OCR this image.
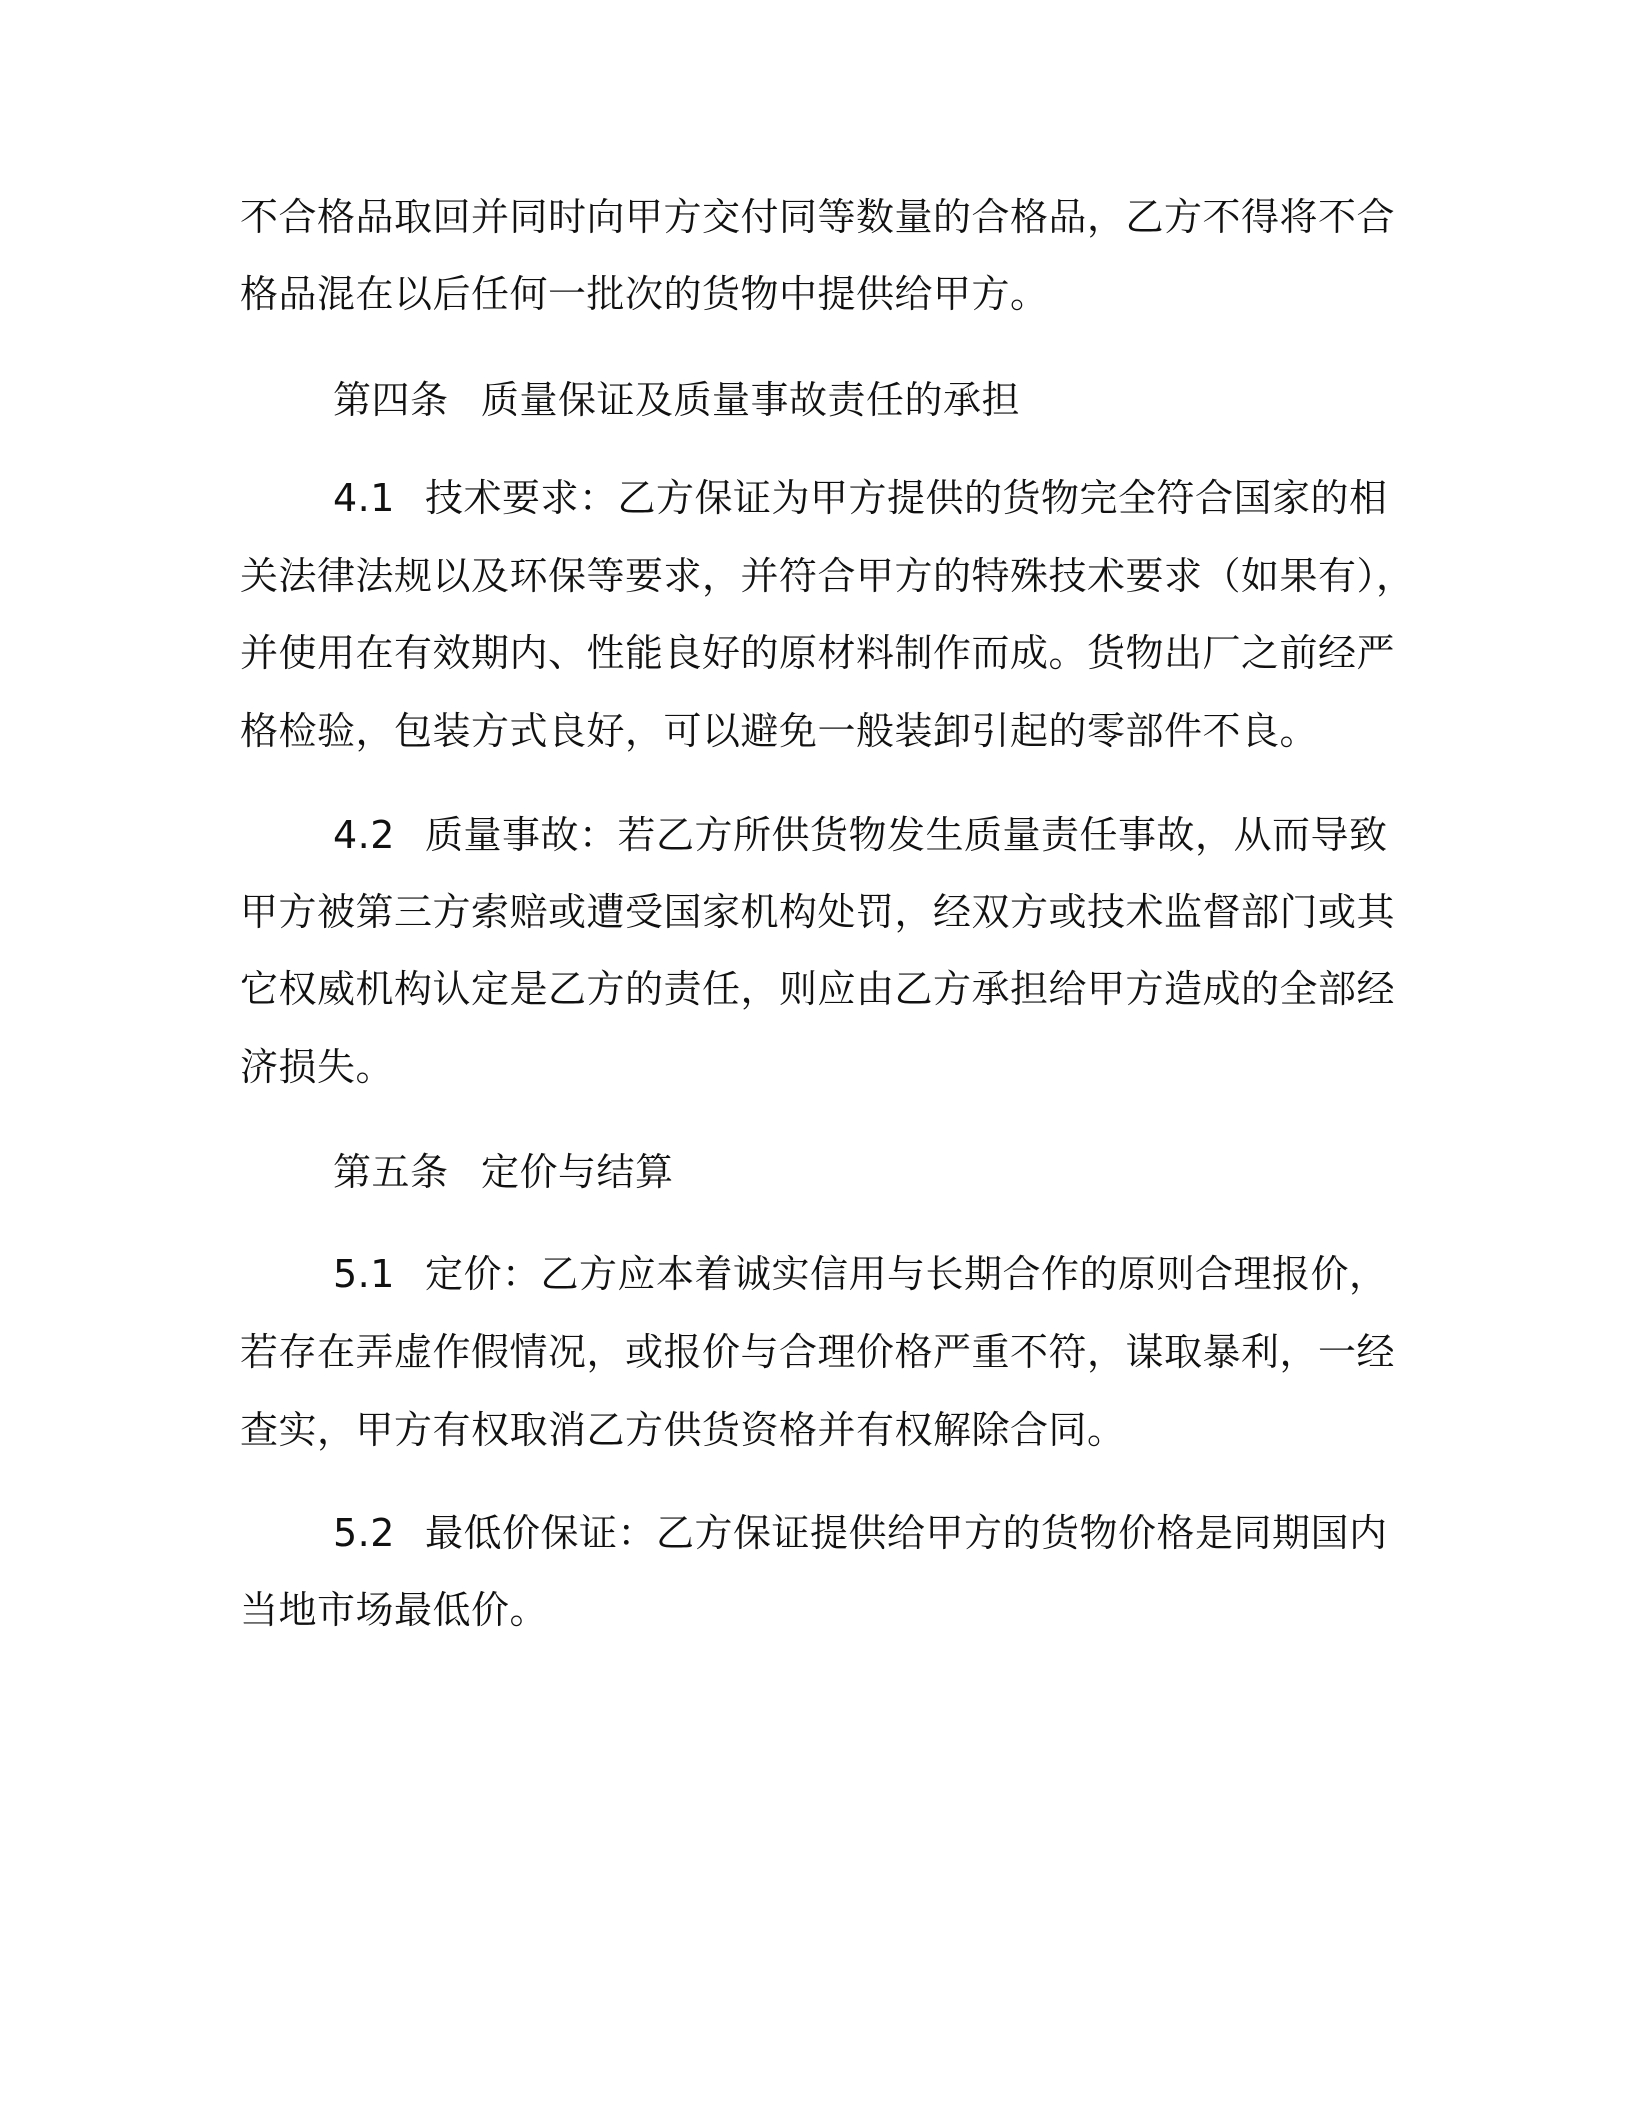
不合格品取回并同时向甲方交付同等数量的合格品，乙方不得将不合
格品混在以后任何一批次的货物中提供给甲方。
第四条 质量保证及质量事故责任的承担
4.1 技术要求：乙方保证为甲方提供的货物完全符合国家的相
关法律法规以及环保等要求，并符合甲方的特殊技术要求（如果有），
并使用在有效期内、性能良好的原材料制作而成。货物出厂之前经严
格检验，包装方式良好，可以避免一般装卸引起的零部件不良。
4.2 质量事故：若乙方所供货物发生质量责任事故，从而导致
甲方被第三方索赔或遭受国家机构处罚，经双方或技术监督部门或其
它权威机构认定是乙方的责任，则应由乙方承担给甲方造成的全部经
济损失。
第五条 定价与结算
5.1 定价：乙方应本着诚实信用与长期合作的原则合理报价，
若存在弄虚作假情况，或报价与合理价格严重不符，谋取暴利，一经
查实，甲方有权取消乙方供货资格并有权解除合同。
5.2 最低价保证：乙方保证提供给甲方的货物价格是同期国内
当地市场最低价。
